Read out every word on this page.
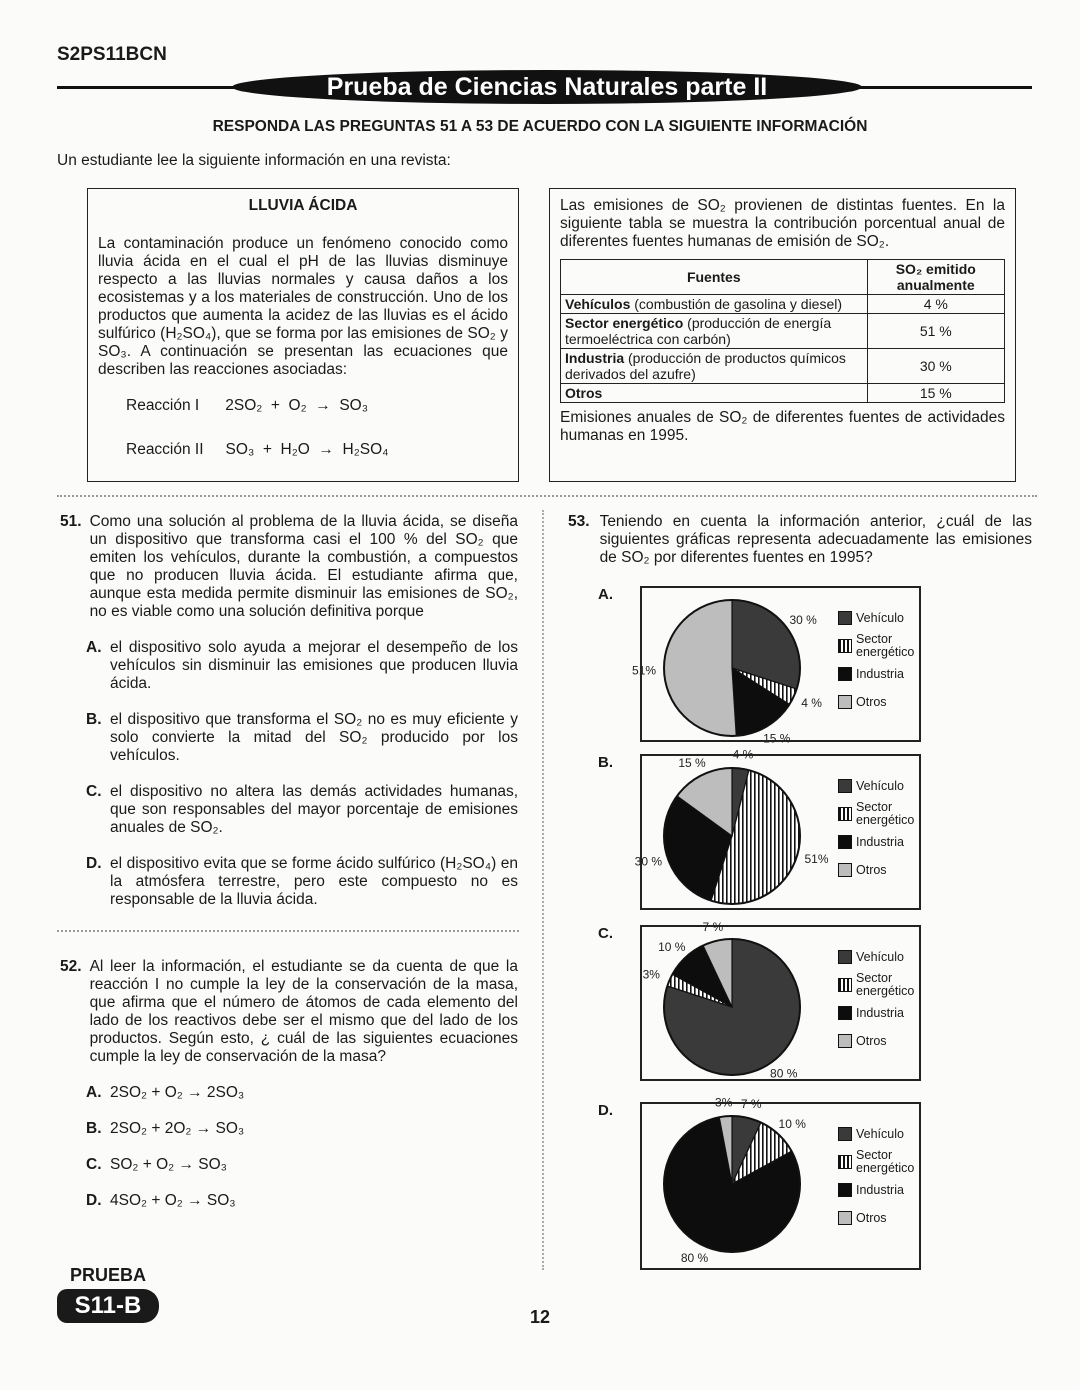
S2PS11BCN
Prueba de Ciencias Naturales parte II
RESPONDA LAS PREGUNTAS 51 A 53 DE ACUERDO CON LA SIGUIENTE INFORMACIÓN
Un estudiante lee la siguiente información en una revista:
LLUVIA ÁCIDA
La contaminación produce un fenómeno conocido como lluvia ácida en el cual el pH de las lluvias disminuye respecto a las lluvias normales y causa daños a los ecosistemas y a los materiales de construcción. Uno de los productos que aumenta la acidez de las lluvias es el ácido sulfúrico (H₂SO₄), que se forma por las emisiones de SO₂ y SO₃. A continuación se presentan las ecuaciones que describen las reacciones asociadas:
Reacción I 2SO₂  +  O₂  →  SO₃
Reacción II SO₃  +  H₂O  →  H₂SO₄
Las emisiones de SO₂ provienen de distintas fuentes. En la siguiente tabla se muestra la contribución porcentual anual de diferentes fuentes humanas de emisión de SO₂.
Fuentes	SO₂ emitido anualmente
Vehículos (combustión de gasolina y diesel)	4 %
Sector energético (producción de energía termoeléctrica con carbón)	51 %
Industria (producción de productos químicos derivados del azufre)	30 %
Otros	15 %
Emisiones anuales de SO₂ de diferentes fuentes de actividades humanas en 1995.
51. Como una solución al problema de la lluvia ácida, se diseña un dispositivo que transforma casi el 100 % del SO₂ que emiten los vehículos, durante la combustión, a compuestos que no producen lluvia ácida. El estudiante afirma que, aunque esta medida permite disminuir las emisiones de SO₂, no es viable como una solución definitiva porque
A. el dispositivo solo ayuda a mejorar el desempeño de los vehículos sin disminuir las emisiones que producen lluvia ácida.
B. el dispositivo que transforma el SO₂ no es muy eficiente y solo convierte la mitad del SO₂ producido por los vehículos.
C. el dispositivo no altera las demás actividades humanas, que son responsables del mayor porcentaje de emisiones anuales de SO₂.
D. el dispositivo evita que se forme ácido sulfúrico (H₂SO₄) en la atmósfera terrestre, pero este compuesto no es responsable de la lluvia ácida.
52. Al leer la información, el estudiante se da cuenta de que la reacción I no cumple la ley de la conservación de la masa, que afirma que el número de átomos de cada elemento del lado de los reactivos debe ser el mismo que del lado de los productos. Según esto, ¿ cuál de las siguientes ecuaciones cumple la ley de conservación de la masa?
A. 2SO₂ + O₂ → 2SO₃
B. 2SO₂ + 2O₂ → SO₃
C. SO₂ + O₂ → SO₃
D. 4SO₂ + O₂ → SO₃
53. Teniendo en cuenta la información anterior, ¿cuál de las siguientes gráficas representa adecuadamente las emisiones de SO₂ por diferentes fuentes en 1995?
A.
30 %
4 %
15 %
51%
Vehículo
Sector energético
Industria
Otros
B.	4 %
51%
30 %
15 %
Vehículo
Sector energético
Industria
Otros
C.
80 %
3%
10 %
7 %
Vehículo
Sector energético
Industria
Otros
D.	7 %
10 %
80 %
3%
Vehículo
Sector energético
Industria
Otros
PRUEBA
S11-B	12
